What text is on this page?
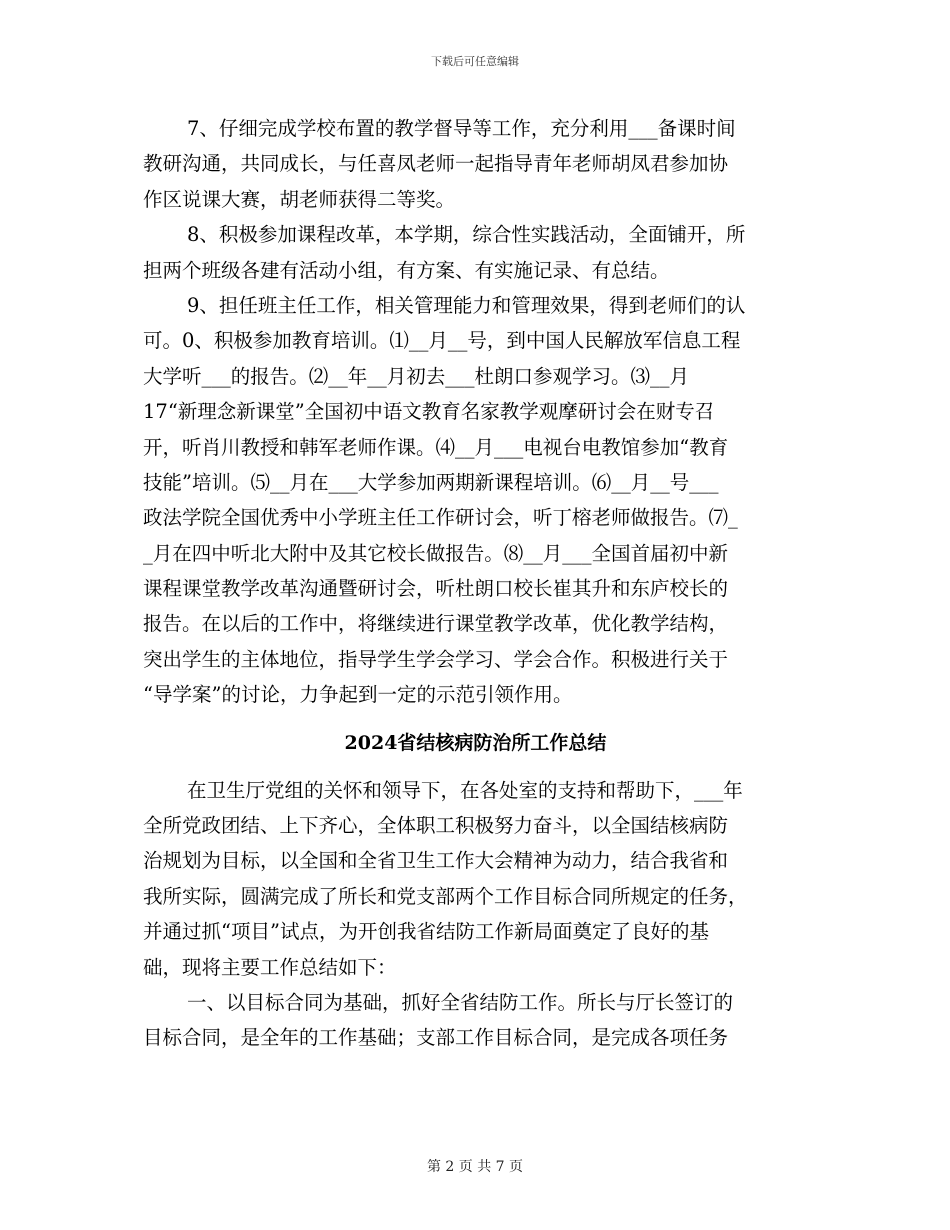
下载后可任意编辑
7、仔细完成学校布置的教学督导等工作，充分利用___备课时间
教研沟通，共同成长，与任喜凤老师一起指导青年老师胡凤君参加协
作区说课大赛，胡老师获得二等奖。
8、积极参加课程改革，本学期，综合性实践活动，全面铺开，所
担两个班级各建有活动小组，有方案、有实施记录、有总结。
9、担任班主任工作，相关管理能力和管理效果，得到老师们的认
可。0、积极参加教育培训。⑴__月__号，到中国人民解放军信息工程
大学听___的报告。⑵__年__月初去___杜朗口参观学习。⑶__月
17“新理念新课堂”全国初中语文教育名家教学观摩研讨会在财专召
开，听肖川教授和韩军老师作课。⑷__月___电视台电教馆参加“教育
技能”培训。⑸__月在___大学参加两期新课程培训。⑹__月__号___
政法学院全国优秀中小学班主任工作研讨会，听丁榕老师做报告。⑺_
_月在四中听北大附中及其它校长做报告。⑻__月___全国首届初中新
课程课堂教学改革沟通暨研讨会，听杜朗口校长崔其升和东庐校长的
报告。在以后的工作中，将继续进行课堂教学改革，优化教学结构，
突出学生的主体地位，指导学生学会学习、学会合作。积极进行关于
“导学案”的讨论，力争起到一定的示范引领作用。
2024省结核病防治所工作总结
在卫生厅党组的关怀和领导下，在各处室的支持和帮助下，___年
全所党政团结、上下齐心，全体职工积极努力奋斗，以全国结核病防
治规划为目标，以全国和全省卫生工作大会精神为动力，结合我省和
我所实际，圆满完成了所长和党支部两个工作目标合同所规定的任务，
并通过抓“项目”试点，为开创我省结防工作新局面奠定了良好的基
础，现将主要工作总结如下：
一、以目标合同为基础，抓好全省结防工作。所长与厅长签订的
目标合同，是全年的工作基础；支部工作目标合同，是完成各项任务
第 2 页 共 7 页
